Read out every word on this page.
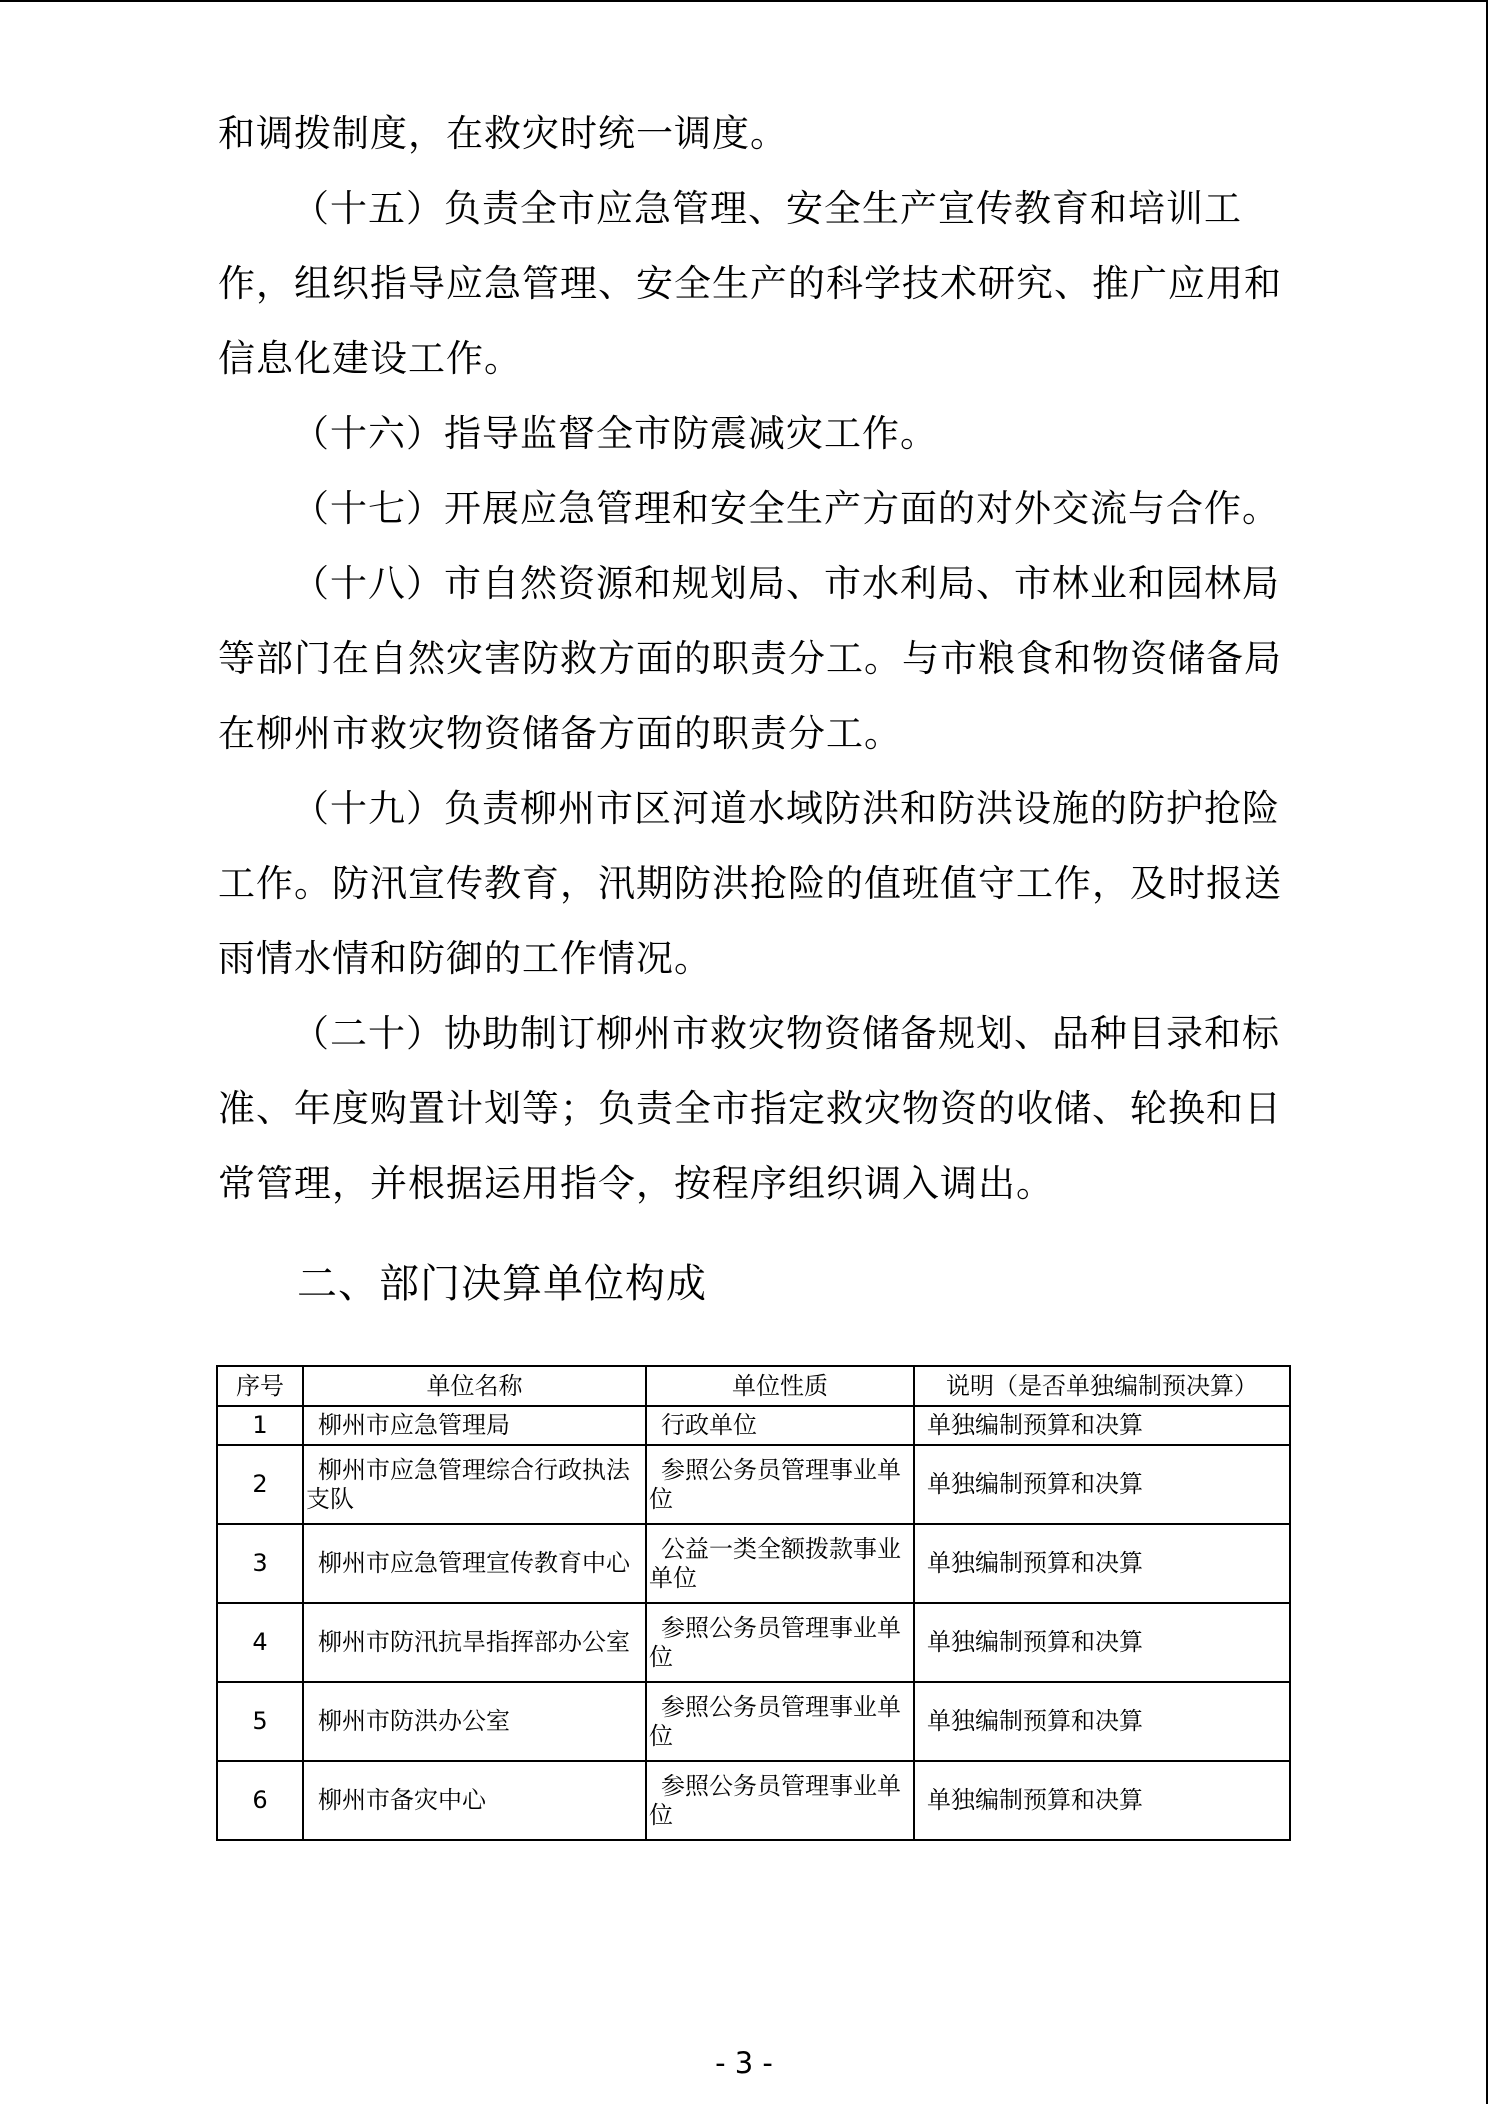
和调拨制度，在救灾时统一调度。

（十五）负责全市应急管理、安全生产宣传教育和培训工作，组织指导应急管理、安全生产的科学技术研究、推广应用和信息化建设工作。

（十六）指导监督全市防震减灾工作。

（十七）开展应急管理和安全生产方面的对外交流与合作。

（十八）市自然资源和规划局、市水利局、市林业和园林局等部门在自然灾害防救方面的职责分工。与市粮食和物资储备局在柳州市救灾物资储备方面的职责分工。

（十九）负责柳州市区河道水域防洪和防洪设施的防护抢险工作。防汛宣传教育，汛期防洪抢险的值班值守工作，及时报送雨情水情和防御的工作情况。

（二十）协助制订柳州市救灾物资储备规划、品种目录和标准、年度购置计划等；负责全市指定救灾物资的收储、轮换和日常管理，并根据运用指令，按程序组织调入调出。

二、部门决算单位构成
序号	单位名称	单位性质	说明（是否单独编制预决算）
1	柳州市应急管理局	行政单位	单独编制预算和决算
2	柳州市应急管理综合行政执法支队	参照公务员管理事业单位	单独编制预算和决算
3	柳州市应急管理宣传教育中心	公益一类全额拨款事业单位	单独编制预算和决算
4	柳州市防汛抗旱指挥部办公室	参照公务员管理事业单位	单独编制预算和决算
5	柳州市防洪办公室	参照公务员管理事业单位	单独编制预算和决算
6	柳州市备灾中心	参照公务员管理事业单位	单独编制预算和决算
- 3 -
